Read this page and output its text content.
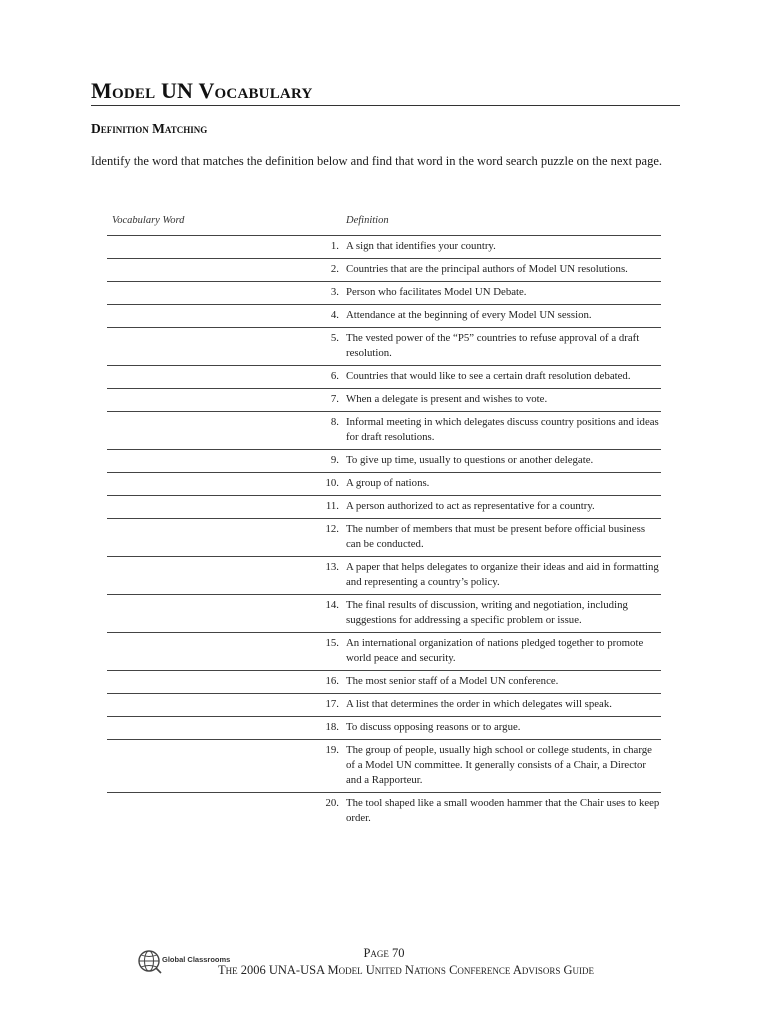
Model UN Vocabulary
Definition Matching
Identify the word that matches the definition below and find that word in the word search puzzle on the next page.
Vocabulary Word	Definition
	1.	A sign that identifies your country.
	2.	Countries that are the principal authors of Model UN resolutions.
	3.	Person who facilitates Model UN Debate.
	4.	Attendance at the beginning of every Model UN session.
	5.	The vested power of the “P5” countries to refuse approval of a draft resolution.
	6.	Countries that would like to see a certain draft resolution debated.
	7.	When a delegate is present and wishes to vote.
	8.	Informal meeting in which delegates discuss country positions and ideas for draft resolutions.
	9.	To give up time, usually to questions or another delegate.
	10.	A group of nations.
	11.	A person authorized to act as representative for a country.
	12.	The number of members that must be present before official business can be conducted.
	13.	A paper that helps delegates to organize their ideas and aid in formatting and representing a country’s policy.
	14.	The final results of discussion, writing and negotiation, including suggestions for addressing a specific problem or issue.
	15.	An international organization of nations pledged together to promote world peace and security.
	16.	The most senior staff of a Model UN conference.
	17.	A list that determines the order in which delegates will speak.
	18.	To discuss opposing reasons or to argue.
	19.	The group of people, usually high school or college students, in charge of a Model UN committee. It generally consists of a Chair, a Director and a Rapporteur.
	20.	The tool shaped like a small wooden hammer that the Chair uses to keep order.
Global Classrooms	Page 70
The 2006 UNA-USA Model United Nations Conference Advisors Guide
